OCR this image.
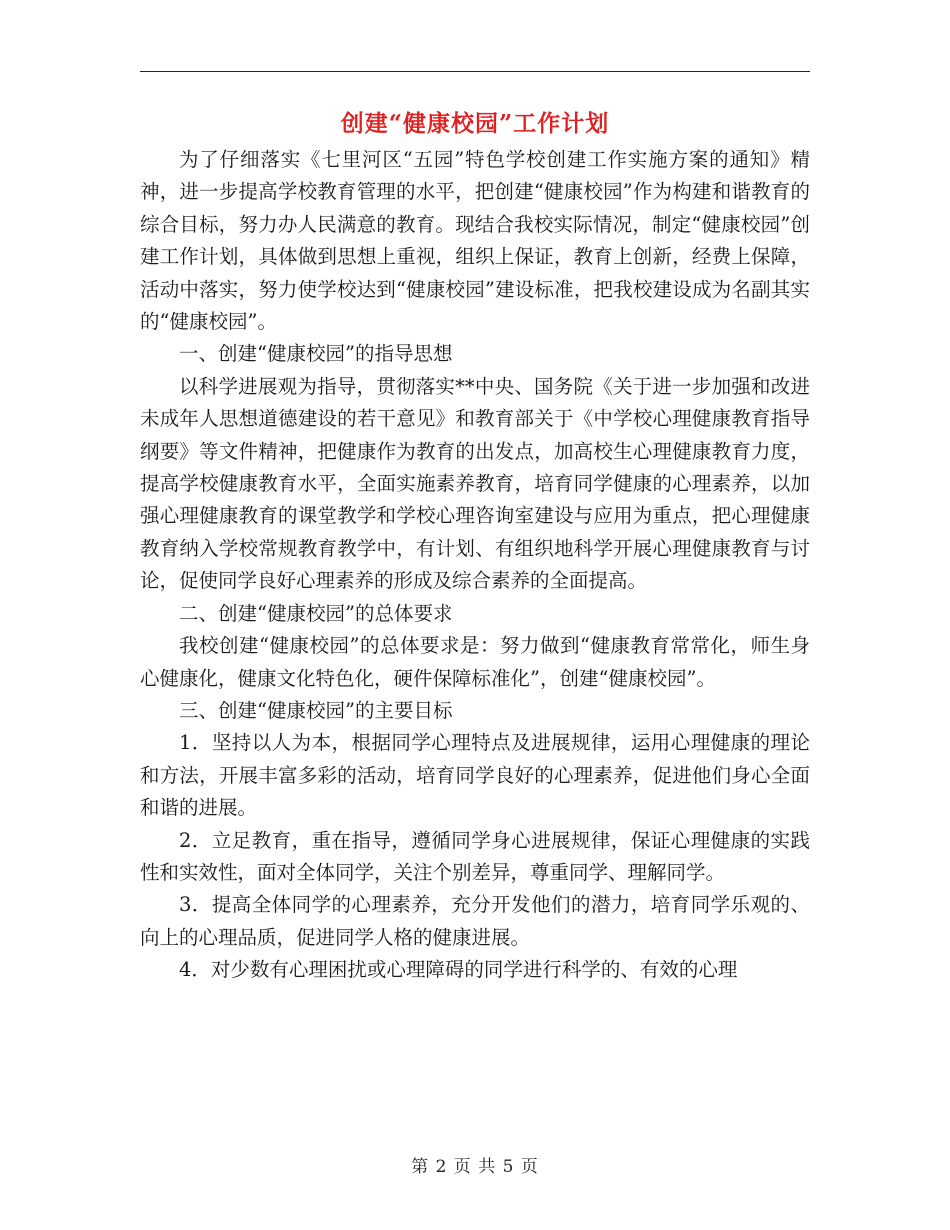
创建“健康校园”工作计划

为了仔细落实《七里河区“五园”特色学校创建工作实施方案的通知》精神，进一步提高学校教育管理的水平，把创建“健康校园”作为构建和谐教育的综合目标，努力办人民满意的教育。现结合我校实际情况，制定“健康校园”创建工作计划，具体做到思想上重视，组织上保证，教育上创新，经费上保障，活动中落实，努力使学校达到“健康校园”建设标准，把我校建设成为名副其实的“健康校园”。

一、创建“健康校园”的指导思想

以科学进展观为指导，贯彻落实**中央、国务院《关于进一步加强和改进未成年人思想道德建设的若干意见》和教育部关于《中学校心理健康教育指导纲要》等文件精神，把健康作为教育的出发点，加高校生心理健康教育力度，提高学校健康教育水平，全面实施素养教育，培育同学健康的心理素养，以加强心理健康教育的课堂教学和学校心理咨询室建设与应用为重点，把心理健康教育纳入学校常规教育教学中，有计划、有组织地科学开展心理健康教育与讨论，促使同学良好心理素养的形成及综合素养的全面提高。

二、创建“健康校园”的总体要求

我校创建“健康校园”的总体要求是：努力做到“健康教育常常化，师生身心健康化，健康文化特色化，硬件保障标准化”，创建“健康校园”。

三、创建“健康校园”的主要目标

1．坚持以人为本，根据同学心理特点及进展规律，运用心理健康的理论和方法，开展丰富多彩的活动，培育同学良好的心理素养，促进他们身心全面和谐的进展。

2．立足教育，重在指导，遵循同学身心进展规律，保证心理健康的实践性和实效性，面对全体同学，关注个别差异，尊重同学、理解同学。

3．提高全体同学的心理素养，充分开发他们的潜力，培育同学乐观的、向上的心理品质，促进同学人格的健康进展。

4．对少数有心理困扰或心理障碍的同学进行科学的、有效的心理

第 2 页 共 5 页
